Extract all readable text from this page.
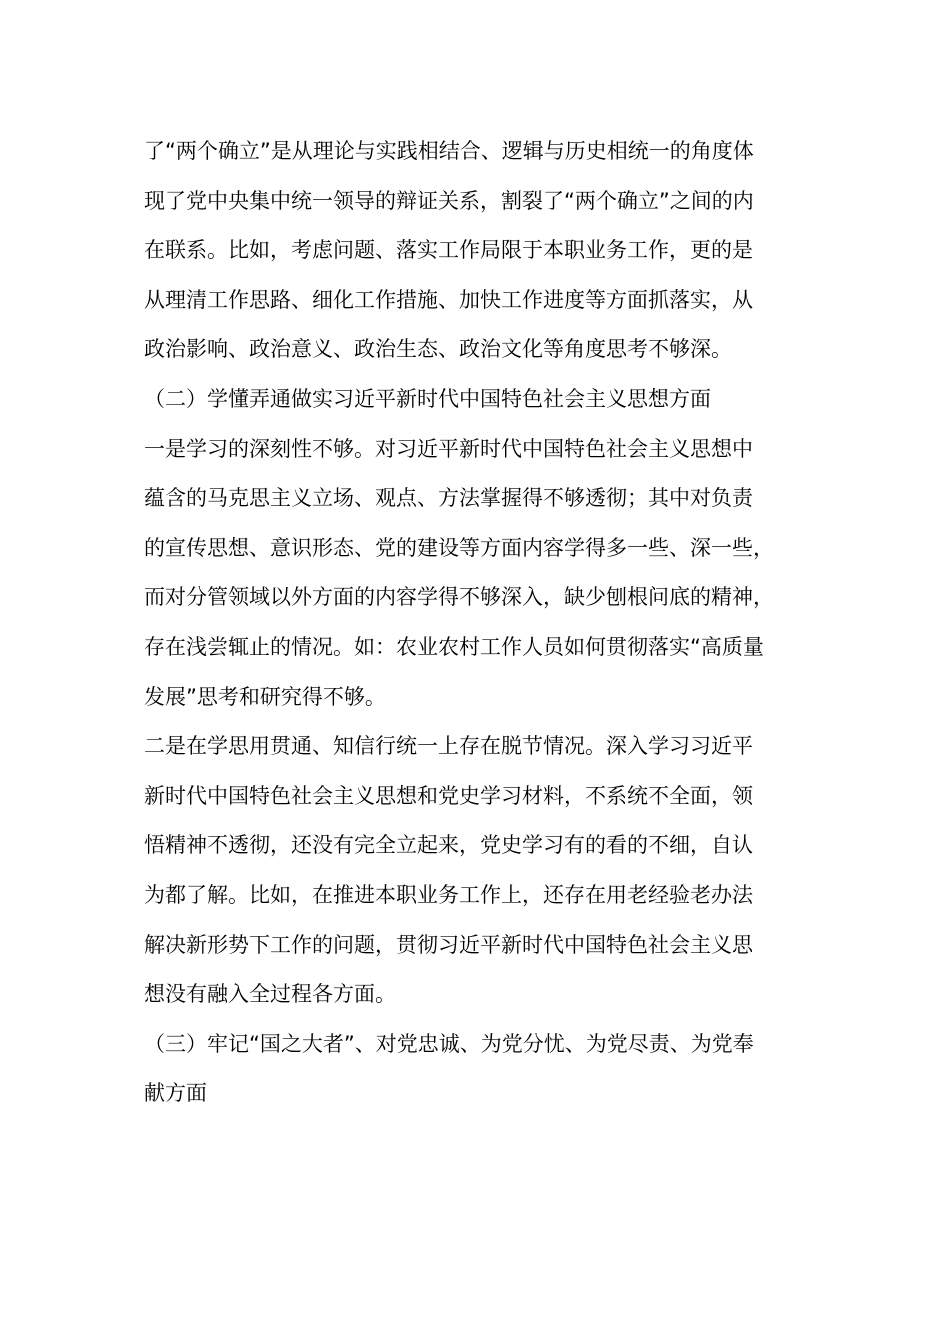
了“两个确立”是从理论与实践相结合、逻辑与历史相统一的角度体
现了党中央集中统一领导的辩证关系，割裂了“两个确立”之间的内
在联系。比如，考虑问题、落实工作局限于本职业务工作，更的是
从理清工作思路、细化工作措施、加快工作进度等方面抓落实，从
政治影响、政治意义、政治生态、政治文化等角度思考不够深。
（二）学懂弄通做实习近平新时代中国特色社会主义思想方面
一是学习的深刻性不够。对习近平新时代中国特色社会主义思想中
蕴含的马克思主义立场、观点、方法掌握得不够透彻；其中对负责
的宣传思想、意识形态、党的建设等方面内容学得多一些、深一些，
而对分管领域以外方面的内容学得不够深入，缺少刨根问底的精神，
存在浅尝辄止的情况。如：农业农村工作人员如何贯彻落实“高质量
发展”思考和研究得不够。
二是在学思用贯通、知信行统一上存在脱节情况。深入学习习近平
新时代中国特色社会主义思想和党史学习材料，不系统不全面，领
悟精神不透彻，还没有完全立起来，党史学习有的看的不细，自认
为都了解。比如，在推进本职业务工作上，还存在用老经验老办法
解决新形势下工作的问题，贯彻习近平新时代中国特色社会主义思
想没有融入全过程各方面。
（三）牢记“国之大者”、对党忠诚、为党分忧、为党尽责、为党奉
献方面
